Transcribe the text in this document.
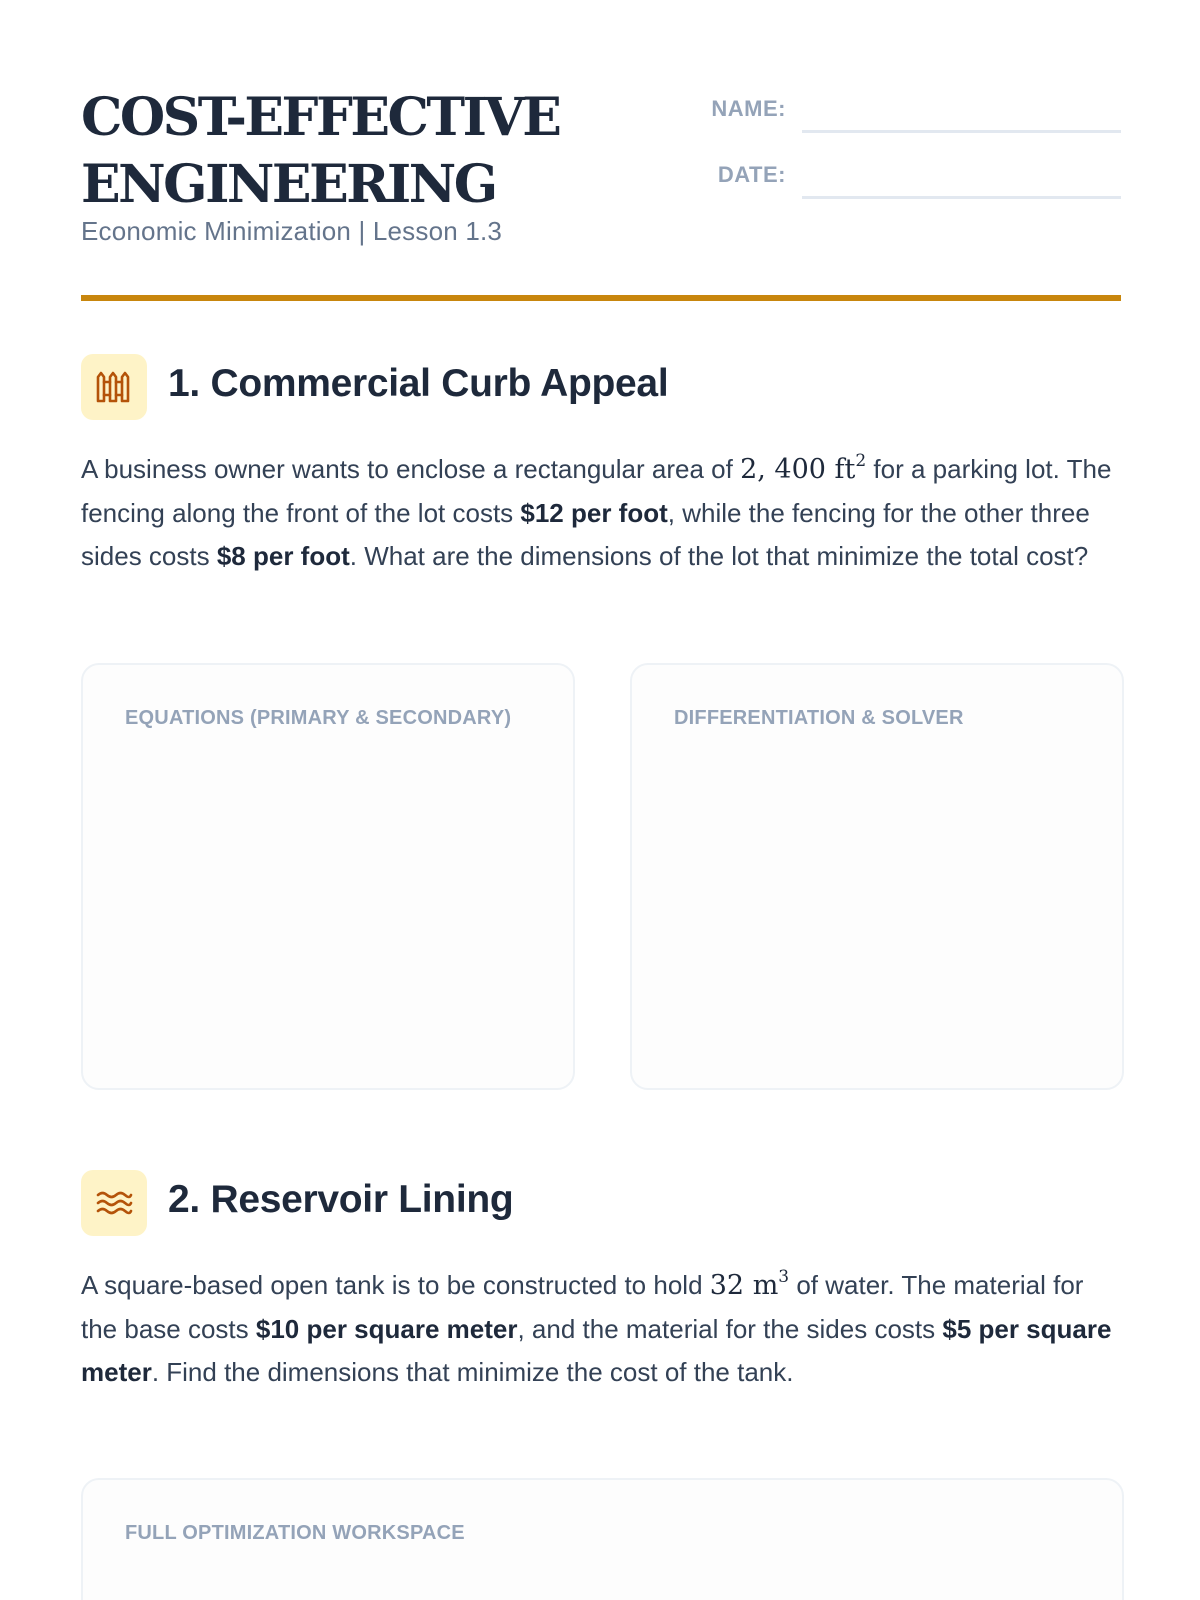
COST-EFFECTIVE
ENGINEERING
Economic Minimization | Lesson 1.3
NAME:
DATE:
1. Commercial Curb Appeal
A business owner wants to enclose a rectangular area of 2, 400 $ft^2$ for a parking lot. The fencing along the front of the lot costs $12 per foot, while the fencing for the other three sides costs $8 per foot. What are the dimensions of the lot that minimize the total cost?
EQUATIONS (PRIMARY & SECONDARY)	DIFFERENTIATION & SOLVER
2. Reservoir Lining
A square-based open tank is to be constructed to hold 32 $m^3$ of water. The material for the base costs $10 per square meter, and the material for the sides costs $5 per square meter. Find the dimensions that minimize the cost of the tank.
FULL OPTIMIZATION WORKSPACE
